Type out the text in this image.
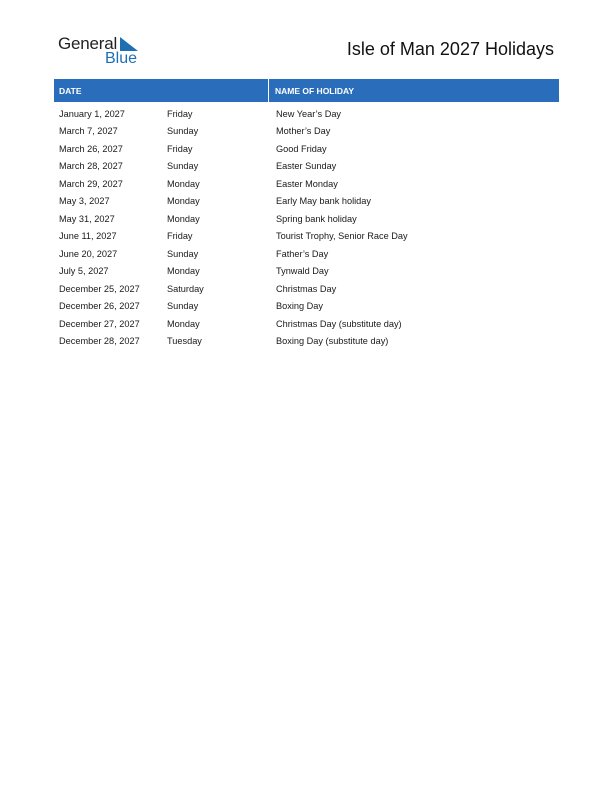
General
Blue	Isle of Man 2027 Holidays
DATE	NAME OF HOLIDAY
January 1, 2027	Friday	New Year’s Day
March 7, 2027	Sunday	Mother’s Day
March 26, 2027	Friday	Good Friday
March 28, 2027	Sunday	Easter Sunday
March 29, 2027	Monday	Easter Monday
May 3, 2027	Monday	Early May bank holiday
May 31, 2027	Monday	Spring bank holiday
June 11, 2027	Friday	Tourist Trophy, Senior Race Day
June 20, 2027	Sunday	Father’s Day
July 5, 2027	Monday	Tynwald Day
December 25, 2027	Saturday	Christmas Day
December 26, 2027	Sunday	Boxing Day
December 27, 2027	Monday	Christmas Day (substitute day)
December 28, 2027	Tuesday	Boxing Day (substitute day)
